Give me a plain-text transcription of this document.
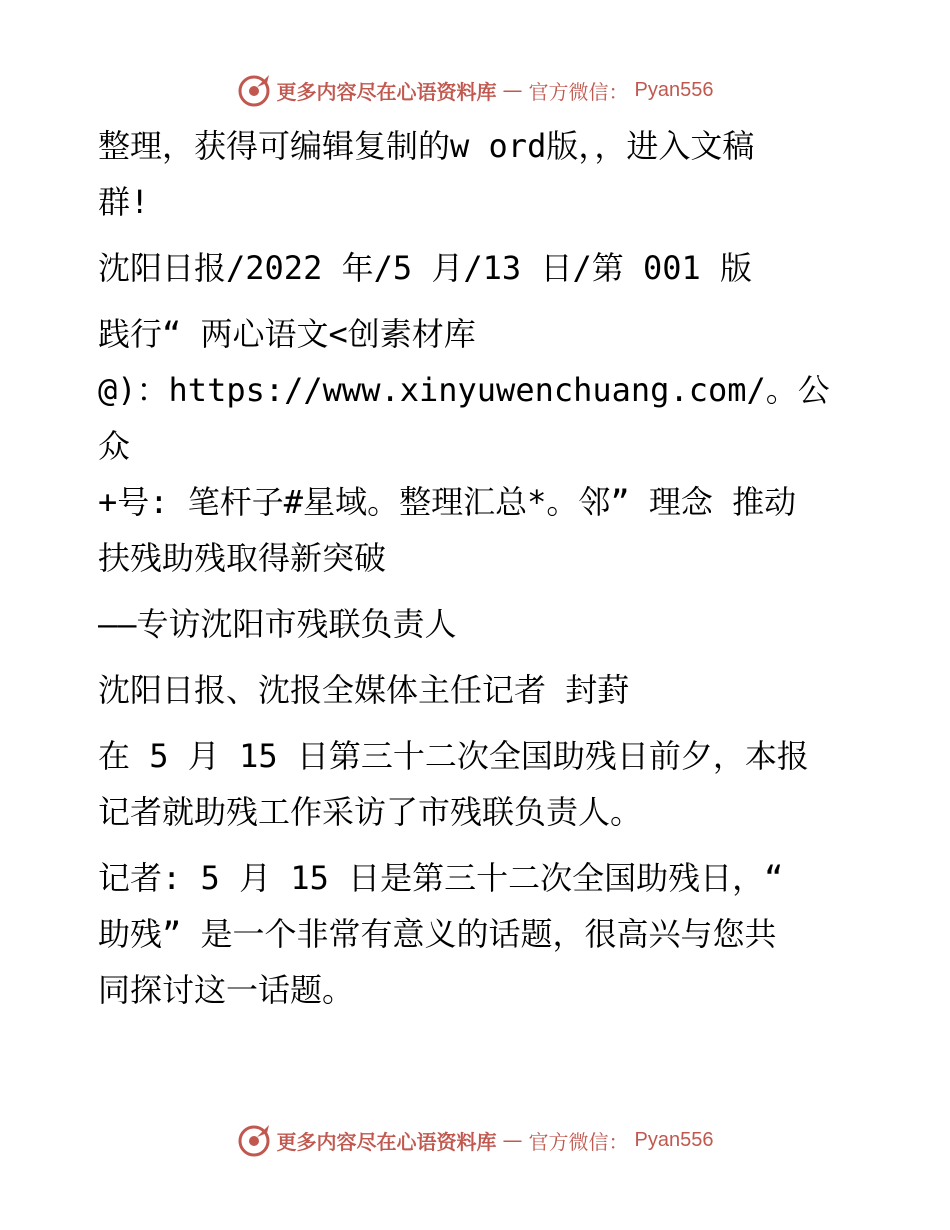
更多内容尽在心语资料库 — 官方微信： Pyan556
整理，获得可编辑复制的w ord版，，进入文稿
群!
沈阳日报/2022 年/5 月/13 日/第 001 版
践行“ 两心语文<创素材库
@)：https://www.xinyuwenchuang.com/。公众
+号: 笔杆子#星域。整理汇总*。邻” 理念 推动
扶残助残取得新突破
——专访沈阳市残联负责人
沈阳日报、沈报全媒体主任记者 封葑
在 5 月 15 日第三十二次全国助残日前夕，本报
记者就助残工作采访了市残联负责人。
记者: 5 月 15 日是第三十二次全国助残日，“
助残” 是一个非常有意义的话题，很高兴与您共
同探讨这一话题。
更多内容尽在心语资料库 — 官方微信： Pyan556
